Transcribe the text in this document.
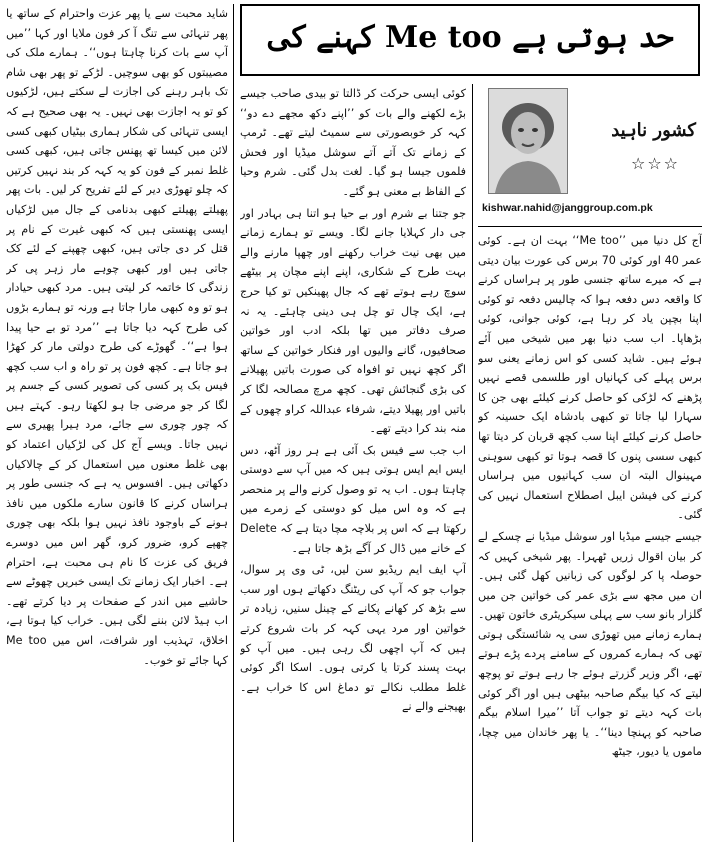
شاید محبت سے یا پھر عزت واحترام کے ساتھ یا پھر تنہائی سے تنگ آ کر فون ملایا اور کہا ’’میں آپ سے بات کرنا چاہتا ہوں‘‘۔ ہمارے ملک کی مصیبتوں کو بھی سوچیں۔ لڑکے تو پھر بھی شام تک باہر رہنے کی اجازت لے سکتے ہیں، لڑکیوں کو تو یہ اجازت بھی نہیں۔ یہ بھی صحیح ہے کہ ایسی تنہائی کی شکار ہماری بیٹیاں کبھی کسی لائن میں کیسا تھ پھنس جاتی ہیں، کبھی کسی غلط نمبر کے فون کو یہ کہہ کر بند نہیں کرتیں کہ چلو تھوڑی دیر کے لئے تفریح کر لیں۔ بات پھر پھیلتے پھیلتے کبھی بدنامی کے جال میں لڑکیاں ایسی پھنستی ہیں کہ کبھی غیرت کے نام پر قتل کر دی جاتی ہیں، کبھی چھپنے کے لئے کک جاتی ہیں اور کبھی چوہے مار زہر پی کر زندگی کا خاتمہ کر لیتی ہیں۔ مرد کبھی حیادار ہو تو وہ کبھی مارا جاتا ہے ورنہ تو ہمارے بڑوں کی طرح کہہ دیا جاتا ہے ’’مرد تو بے حیا پیدا ہوا ہے‘‘۔ گھوڑے کی طرح دولتی مار کر کھڑا ہو جاتا ہے۔ کچھ فون پر تو راہ و اب سب کچھ فیس بک پر کسی کی تصویر کسی کے جسم پر لگا کر جو مرضی جا ہو لکھتا رہو۔ کہتے ہیں کہ چور چوری سے جائے، مرد ہیرا پھیری سے نہیں جاتا۔ ویسے آج کل کی لڑکیاں اعتماد کو بھی غلط معنوں میں استعمال کر کے چالاکیاں دکھاتی ہیں۔ افسوس یہ ہے کہ جنسی طور پر ہراساں کرنے کا قانون سارے ملکوں میں نافذ ہونے کے باوجود نافذ نہیں ہوا بلکہ بھی چوری چھپے کرو، ضرور کرو، گھر اس میں دوسرے فریق کی عزت کا نام ہی محبت ہے، احترام ہے۔ اخبار ایک زمانے تک ایسی خبریں چھوٹے سے حاشیے میں اندر کے صفحات پر دیا کرتے تھے۔ اب ہیڈ لائن بننے لگی ہیں۔ خراب کیا ہوتا ہے، اخلاق، تہذیب اور شرافت، اس میں Me too کہا جائے تو خوب۔

حد ہوتی ہے Me too کہنے کی

کوئی ایسی حرکت کر ڈالتا تو بیدی صاحب جیسے بڑے لکھنے والے بات کو ’’اپنے دکھ مجھے دے دو‘‘ کہہ کر خوبصورتی سے سمیٹ لیتے تھے۔ ٹرمپ کے زمانے تک آتے آتے سوشل میڈیا اور فحش فلموں جیسا ہو گیا۔ لغت بدل گئی۔ شرم وحیا کے الفاظ بے معنی ہو گئے۔

جو جتنا بے شرم اور بے حیا ہو اتنا ہی بہادر اور جی دار کہلایا جانے لگا۔ ویسے تو ہمارے زمانے میں بھی نیت خراب رکھنے اور چھپا مارنے والے بہت طرح کے شکاری، اپنے اپنے مچان پر بیٹھے سوچ رہے ہوتے تھے کہ جال پھینکیں تو کیا حرج ہے، ایک چال تو چل ہی دینی چاہئے۔ یہ نہ صرف دفاتر میں تھا بلکہ ادب اور خواتین صحافیوں، گانے والیوں اور فنکار خواتین کے ساتھ اگر کچھ نہیں تو افواہ کی صورت باتیں پھیلانے کی بڑی گنجائش تھی۔ کچھ مرچ مصالحہ لگا کر باتیں اور پھیلا دیتے، شرفاء عبداللہ کراو چھوں کے منہ بند کرا دیتے تھے۔

اب جب سے فیس بک آئی ہے ہر روز آٹھ، دس ایس ایم ایس ہوتی ہیں کہ میں آپ سے دوستی چاہتا ہوں۔ اب یہ تو وصول کرنے والے پر منحصر ہے کہ وہ اس میل کو دوستی کے زمرے میں رکھتا ہے کہ اس پر بلاچہ مچا دیتا ہے کہ Delete کے خانے میں ڈال کر آگے بڑھ جاتا ہے۔

آپ ایف ایم ریڈیو سن لیں، ٹی وی پر سوال، جواب جو کہ آپ کی ریٹنگ دکھاتے ہوں اور سب سے بڑھ کر کھانے پکانے کے چینل سنیں، زیادہ تر خواتین اور مرد یہی کہہ کر بات شروع کرتے ہیں کہ آپ اچھی لگ رہی ہیں۔ میں آپ کو بہت پسند کرتا یا کرتی ہوں۔ اسکا اگر کوئی غلط مطلب نکالے تو دماغ اس کا خراب ہے۔ بھیجنے والے نے

کشور ناہید
☆☆☆
kishwar.nahid@janggroup.com.pk

آج کل دنیا میں ’’Me too‘‘ بہت ان ہے۔ کوئی عمر 40 اور کوئی 70 برس کی عورت بیان دیتی ہے کہ میرے ساتھ جنسی طور پر ہراساں کرنے کا واقعہ دس دفعہ ہوا کہ چالیس دفعہ تو کوئی اپنا بچپن یاد کر رہا ہے، کوئی جوانی، کوئی بڑھاپا۔ اب سب دنیا بھر میں شیخی میں آئے ہوئے ہیں۔ شاید کسی کو اس زمانے یعنی سو برس پہلے کی کہانیاں اور طلسمی قصے نہیں پڑھنے کہ لڑکی کو حاصل کرنے کیلئے بھی جن کا سہارا لیا جاتا تو کبھی بادشاہ ایک حسینہ کو حاصل کرنے کیلئے اپنا سب کچھ قربان کر دیتا تھا کبھی سسی پنوں کا قصہ ہوتا تو کبھی سوہنی مہینوال البتہ ان سب کہانیوں میں ہراساں کرنے کی فیشن ایبل اصطلاح استعمال نہیں کی گئی۔

جیسے جیسے میڈیا اور سوشل میڈیا نے چسکے لے کر بیان اقوال زریں ٹھہرا۔ پھر شیخی کہیں کہ حوصلہ پا کر لوگوں کی زبانیں کھل گئی ہیں۔ ان میں مجھ سے بڑی عمر کی خواتین جن میں گلزار بانو سب سے پہلی سیکریٹری خاتون تھیں۔ ہمارے زمانے میں تھوڑی سی یہ شائستگی ہوتی تھی کہ ہمارے کمروں کے سامنے پردے پڑے ہوتے تھے، اگر وزیر گزرتے ہوئے جا رہے ہوتے تو پوچھ لیتے کہ کیا بیگم صاحبہ بیٹھی ہیں اور اگر کوئی بات کہہ دیتے تو جواب آتا ’’میرا اسلام بیگم صاحبہ کو پہنچا دینا‘‘۔ یا پھر خاندان میں چچا، ماموں یا دیور، جیٹھ
